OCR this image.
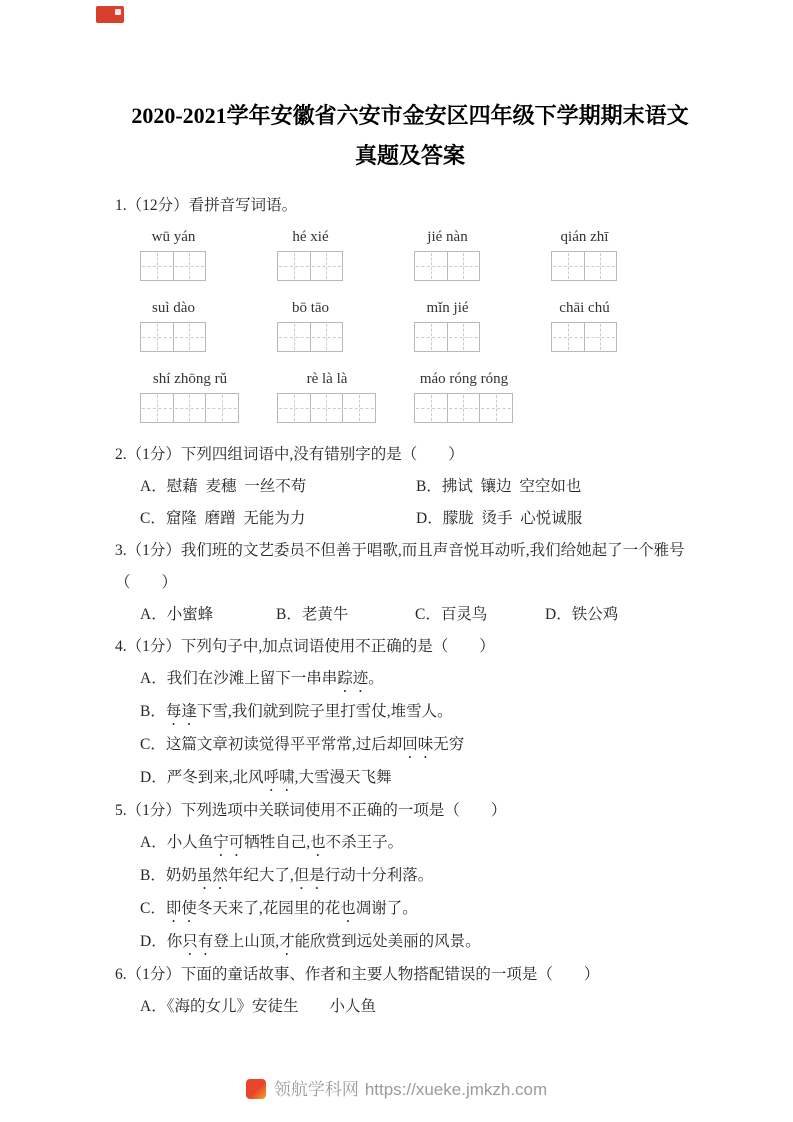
2020-2021学年安徽省六安市金安区四年级下学期期末语文
真题及答案

1.（12分）看拼音写词语。

wū yán	hé xié	jié nàn	qián zhī
suì dào	bō tāo	mǐn jié	chāi chú
shí zhōng rǔ	rè là là	máo róng róng

2.（1分）下列四组词语中,没有错别字的是（　　）

A．慰藉 麦穗 一丝不苟	B．拂试 镶边 空空如也

C．窟隆 磨蹭 无能为力	D．朦胧 烫手 心悦诚服

3.（1分）我们班的文艺委员不但善于唱歌,而且声音悦耳动听,我们给她起了一个雅号

（　　）

A．小蜜蜂	B．老黄牛	C．百灵鸟	D．铁公鸡

4.（1分）下列句子中,加点词语使用不正确的是（　　）

A．我们在沙滩上留下一串串踪迹。

B．每逢下雪,我们就到院子里打雪仗,堆雪人。

C．这篇文章初读觉得平平常常,过后却回味无穷

D．严冬到来,北风呼啸,大雪漫天飞舞

5.（1分）下列选项中关联词使用不正确的一项是（　　）

A．小人鱼宁可牺牲自己,也不杀王子。

B．奶奶虽然年纪大了,但是行动十分利落。

C．即使冬天来了,花园里的花也凋谢了。

D．你只有登上山顶,才能欣赏到远处美丽的风景。

6.（1分）下面的童话故事、作者和主要人物搭配错误的一项是（　　）

A．《海的女儿》安徒生　　小人鱼

领航学科网 https://xueke.jmkzh.com
